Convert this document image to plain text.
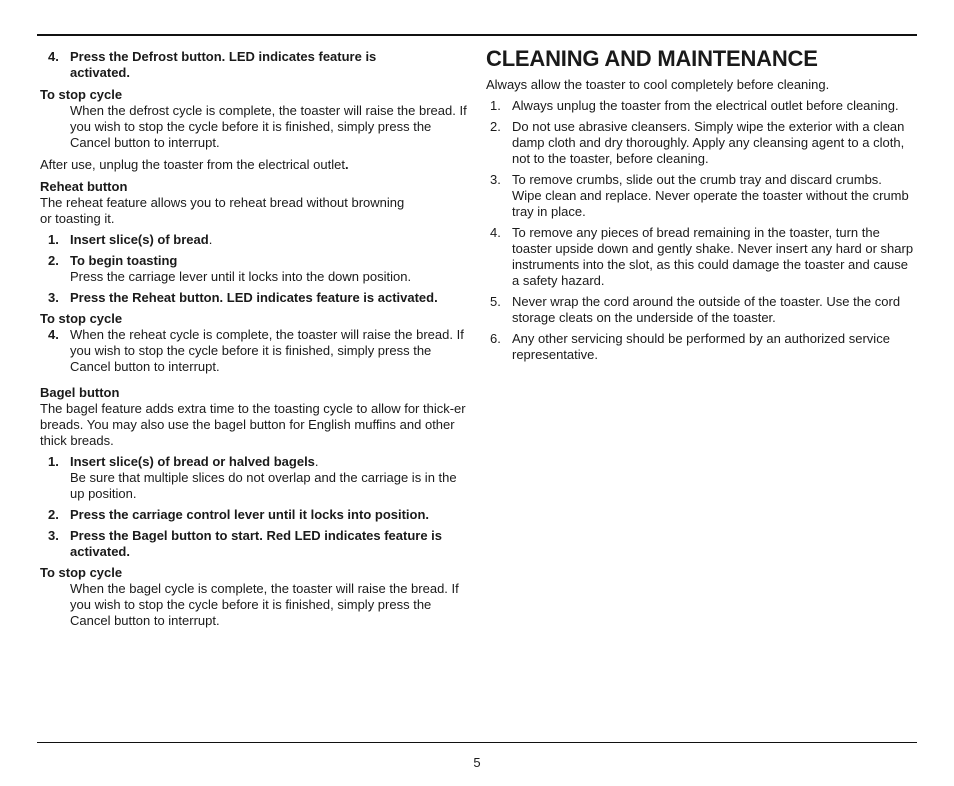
4. Press the Defrost button. LED indicates feature is activated.

To stop cycle

When the defrost cycle is complete, the toaster will raise the bread. If you wish to stop the cycle before it is finished, simply press the Cancel button to interrupt.

After use, unplug the toaster from the electrical outlet.

Reheat button

The reheat feature allows you to reheat bread without browning or toasting it.

1. Insert slice(s) of bread.
2. To begin toasting
Press the carriage lever until it locks into the down position.
3. Press the Reheat button. LED indicates feature is activated.

To stop cycle

4. When the reheat cycle is complete, the toaster will raise the bread. If you wish to stop the cycle before it is finished, simply press the Cancel button to interrupt.

Bagel button

The bagel feature adds extra time to the toasting cycle to allow for thick-er breads. You may also use the bagel button for English muffins and other thick breads.

1. Insert slice(s) of bread or halved bagels.
Be sure that multiple slices do not overlap and the carriage is in the up position.
2. Press the carriage control lever until it locks into position.
3. Press the Bagel button to start. Red LED indicates feature is activated.

To stop cycle

When the bagel cycle is complete, the toaster will raise the bread. If you wish to stop the cycle before it is finished, simply press the Cancel button to interrupt.

CLEANING AND MAINTENANCE

Always allow the toaster to cool completely before cleaning.

1. Always unplug the toaster from the electrical outlet before cleaning.
2. Do not use abrasive cleansers. Simply wipe the exterior with a clean damp cloth and dry thoroughly. Apply any cleansing agent to a cloth, not to the toaster, before cleaning.
3. To remove crumbs, slide out the crumb tray and discard crumbs. Wipe clean and replace. Never operate the toaster without the crumb tray in place.
4. To remove any pieces of bread remaining in the toaster, turn the toaster upside down and gently shake. Never insert any hard or sharp instruments into the slot, as this could damage the toaster and cause a safety hazard.
5. Never wrap the cord around the outside of the toaster. Use the cord storage cleats on the underside of the toaster.
6. Any other servicing should be performed by an authorized service representative.
5
